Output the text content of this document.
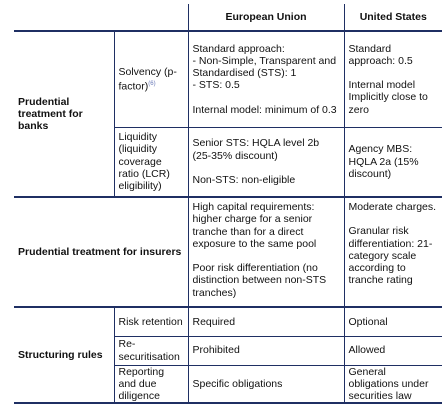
		European Union	United States
Prudential treatment for banks	Solvency (p-factor)$^{(6)}$	Standard approach:
- Non-Simple, Transparent and Standardised (STS): 1
- STS: 0.5
Internal model: minimum of 0.3	Standard approach: 0.5
Internal model Implicitly close to zero
	Liquidity (liquidity coverage ratio (LCR) eligibility)	Senior STS: HQLA level 2b (25-35% discount)
Non-STS: non-eligible	Agency MBS: HQLA 2a (15% discount)
Prudential treatment for insurers		High capital requirements: higher charge for a senior tranche than for a direct exposure to the same pool
Poor risk differentiation (no distinction between non-STS tranches)	Moderate charges.
Granular risk differentiation: 21-category scale according to tranche rating
Structuring rules	Risk retention	Required	Optional
	Re-securitisation	Prohibited	Allowed
	Reporting and due diligence	Specific obligations	General obligations under securities law
